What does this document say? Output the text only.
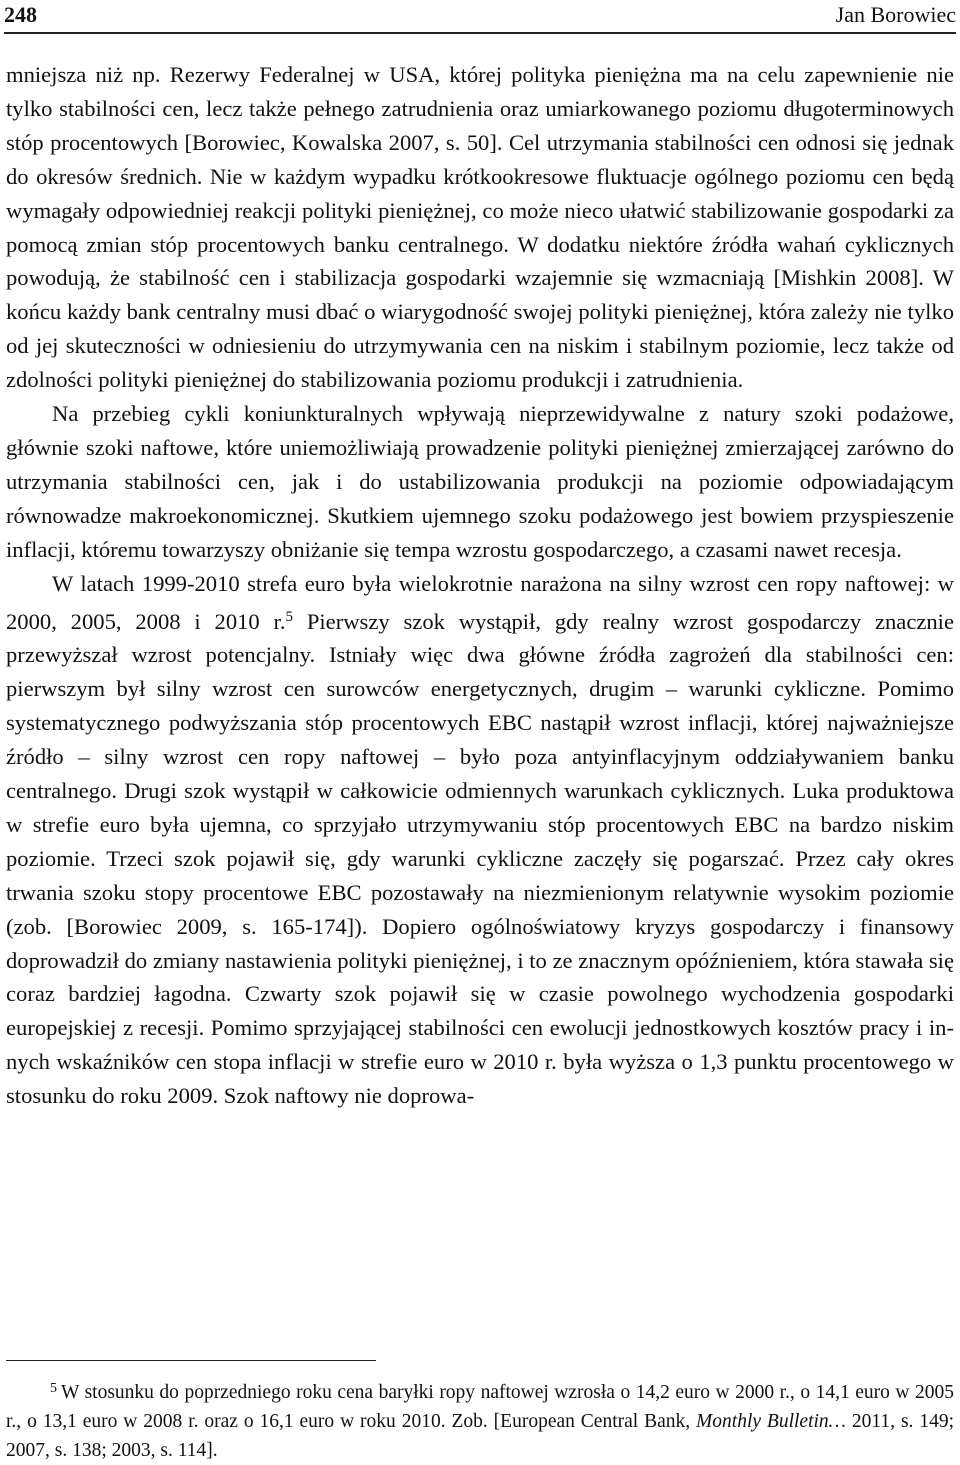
248	Jan Borowiec

mniejsza niż np. Rezerwy Federalnej w USA, której polityka pieniężna ma na celu zapewnienie nie tylko stabilności cen, lecz także pełnego zatrudnienia oraz umiarkowanego poziomu długoterminowych stóp procentowych [Borowiec, Kowalska 2007, s. 50]. Cel utrzymania stabilności cen odnosi się jednak do okresów średnich. Nie w każdym wypadku krótkookresowe fluktuacje ogólnego poziomu cen będą wymagały odpowiedniej reakcji polityki pieniężnej, co może nieco ułatwić stabilizowanie gospodarki za pomocą zmian stóp procentowych banku centralnego. W dodatku niektóre źródła wahań cyklicznych powodują, że stabilność cen i stabilizacja gospodarki wzajemnie się wzmacniają [Mishkin 2008]. W końcu każdy bank centralny musi dbać o wiarygodność swojej polityki pieniężnej, która zależy nie tylko od jej skuteczności w odniesieniu do utrzymywania cen na niskim i stabilnym poziomie, lecz także od zdolności polityki pieniężnej do stabilizowania poziomu produkcji i zatrudnienia.

Na przebieg cykli koniunkturalnych wpływają nieprzewidywalne z natury szoki podażowe, głównie szoki naftowe, które uniemożliwiają prowadzenie polityki pieniężnej zmierzającej zarówno do utrzymania stabilności cen, jak i do ustabilizowania produkcji na poziomie odpowiadającym równowadze makroekonomicznej. Skutkiem ujemnego szoku podażowego jest bowiem przyspieszenie inflacji, któremu towarzyszy obniżanie się tempa wzrostu gospodarczego, a czasami nawet recesja.

W latach 1999-2010 strefa euro była wielokrotnie narażona na silny wzrost cen ropy naftowej: w 2000, 2005, 2008 i 2010 r.$^5$ Pierwszy szok wystąpił, gdy realny wzrost gospodarczy znacznie przewyższał wzrost potencjalny. Istniały więc dwa główne źródła zagrożeń dla stabilności cen: pierwszym był silny wzrost cen surowców energetycznych, drugim – warunki cykliczne. Pomimo systematycznego podwyższania stóp procentowych EBC nastąpił wzrost inflacji, której najważniejsze źródło – silny wzrost cen ropy naftowej – było poza antyinflacyjnym oddziaływaniem banku centralnego. Drugi szok wystąpił w całkowicie odmiennych warunkach cyklicznych. Luka produktowa w strefie euro była ujemna, co sprzyjało utrzymywaniu stóp procentowych EBC na bardzo niskim poziomie. Trzeci szok pojawił się, gdy warunki cykliczne zaczęły się pogarszać. Przez cały okres trwania szoku stopy procentowe EBC pozostawały na niezmienionym relatywnie wysokim poziomie (zob. [Borowiec 2009, s. 165-174]). Dopiero ogólnoświatowy kryzys gospodarczy i finansowy doprowadził do zmiany nastawienia polityki pieniężnej, i to ze znacznym opóźnieniem, która stawała się coraz bardziej łagodna. Czwarty szok pojawił się w czasie powolnego wychodzenia gospodarki europejskiej z recesji. Pomimo sprzyjającej stabilności cen ewolucji jednostkowych kosztów pracy i innych wskaźników cen stopa inflacji w strefie euro w 2010 r. była wyższa o 1,3 punktu procentowego w stosunku do roku 2009. Szok naftowy nie doprowa-

$^5$ W stosunku do poprzedniego roku cena baryłki ropy naftowej wzrosła o 14,2 euro w 2000 r., o 14,1 euro w 2005 r., o 13,1 euro w 2008 r. oraz o 16,1 euro w roku 2010. Zob. [European Central Bank, Monthly Bulletin… 2011, s. 149; 2007, s. 138; 2003, s. 114].
